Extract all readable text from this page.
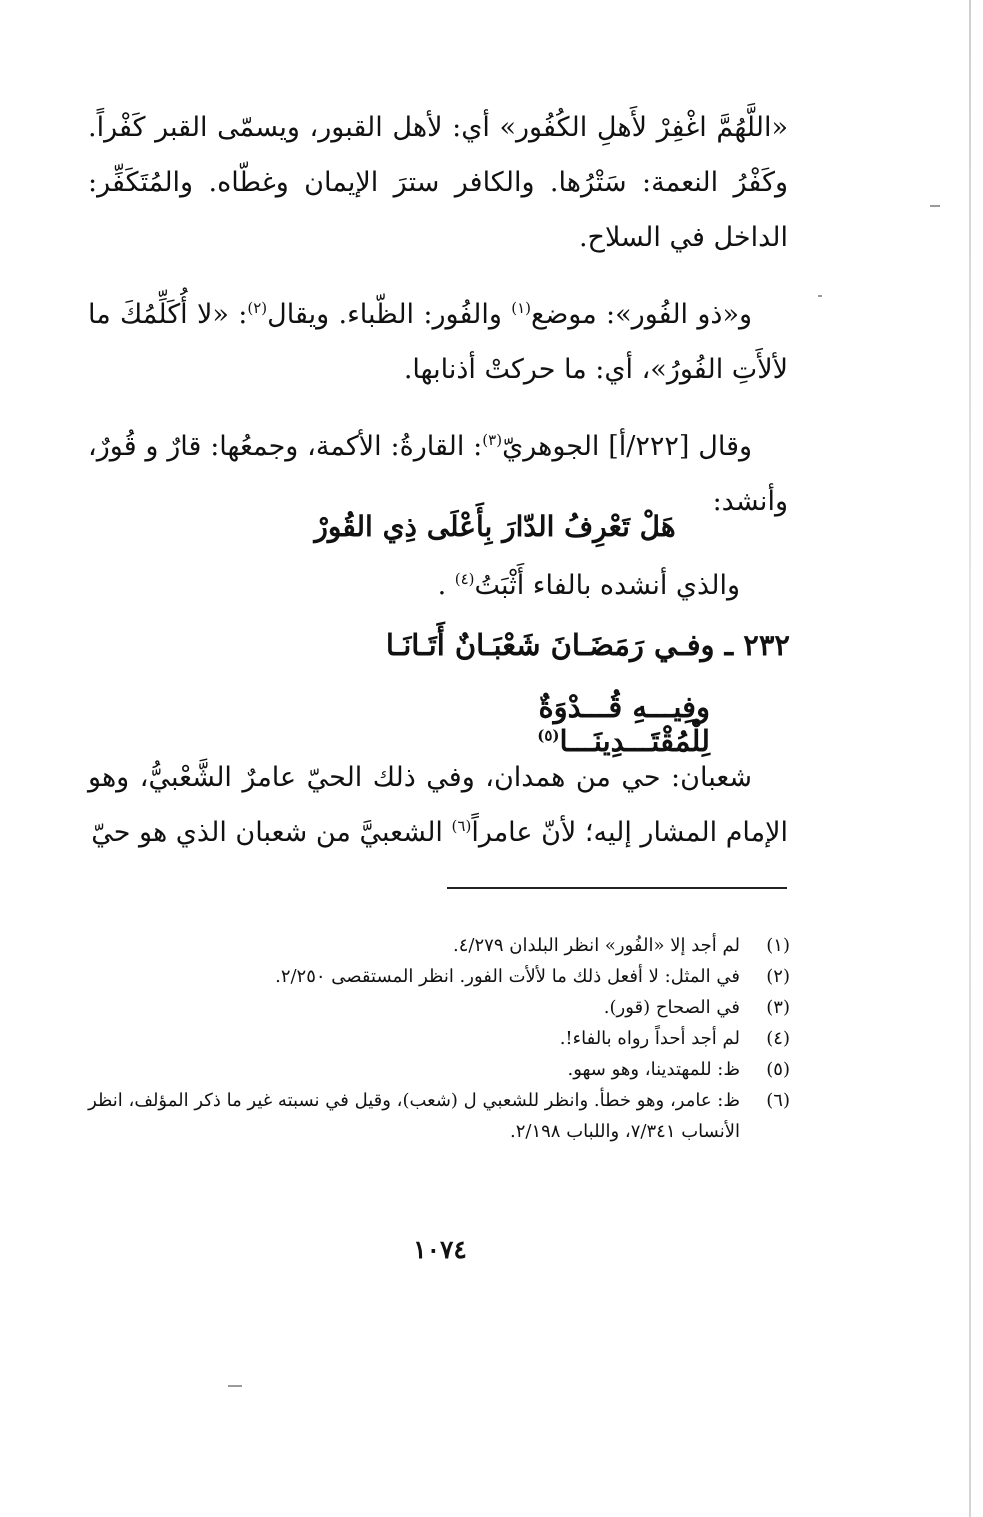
«اللَّهُمَّ اغْفِرْ لأَهلِ الكُفُور» أي: لأهل القبور، ويسمّى القبر كَفْراً. وكَفْرُ النعمة: سَتْرُها. والكافر سترَ الإيمان وغطّاه. والمُتَكَفِّر: الداخل في السلاح.

و«ذو الفُور»: موضع$^{(١)}$ والفُور: الظّباء. ويقال$^{(٢)}$: «لا أُكَلِّمُكَ ما لألأَتِ الفُورُ»، أي: ما حركتْ أذنابها.

وقال [٢٢٢/أ] الجوهريّ$^{(٣)}$: القارةُ: الأكمة، وجمعُها: قارٌ و قُورٌ، وأنشد:

هَلْ تَعْرِفُ الدّارَ بِأَعْلَى ذِي القُورْ

والذي أنشده بالفاء أَثْبَتُ$^{(٤)}$ .

٢٣٢ ـ وفـي رَمَضَـانَ شَعْبَـانٌ أَتَـانَـا

وفِيـــهِ قُـــدْوَةٌ لِلْمُقْتَـــدِينَـــا$^{(٥)}$

شعبان: حي من همدان، وفي ذلك الحيّ عامرٌ الشَّعْبيُّ، وهو الإمام المشار إليه؛ لأنّ عامراً$^{(٦)}$ الشعبيَّ من شعبان الذي هو حيّ

(١)
لم أجد إلا «الفُور» انظر البلدان ٤/٢٧٩.
(٢)
في المثل: لا أفعل ذلك ما لألأت الفور. انظر المستقصى ٢/٢٥٠.
(٣)
في الصحاح (قور).
(٤)
لم أجد أحداً رواه بالفاء!.
(٥)
ظ: للمهتدينا، وهو سهو.
(٦)
ظ: عامر، وهو خطأ. وانظر للشعبي ل (شعب)، وقيل في نسبته غير ما ذكر المؤلف، انظر الأنساب ٧/٣٤١، واللباب ٢/١٩٨.
١٠٧٤
